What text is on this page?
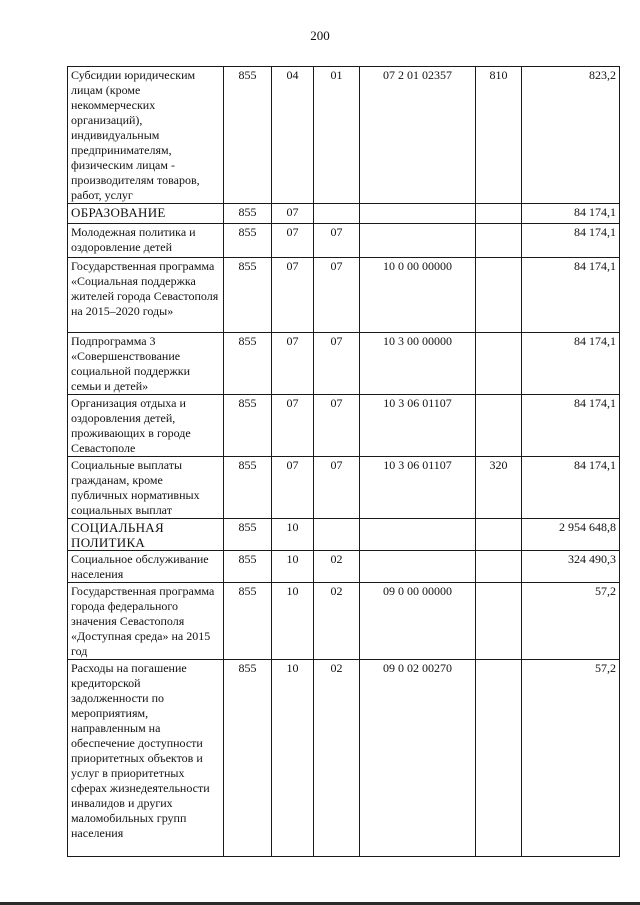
200
Субсидии юридическим лицам (кроме некоммерческих организаций), индивидуальным предпринимателям, физическим лицам - производителям товаров, работ, услуг	855	04	01	07 2 01 02357	810	823,2
ОБРАЗОВАНИЕ	855	07				84 174,1
Молодежная политика и оздоровление детей	855	07	07			84 174,1
Государственная программа «Социальная поддержка жителей города Севастополя на 2015–2020 годы»	855	07	07	10 0 00 00000		84 174,1
Подпрограмма 3 «Совершенствование социальной поддержки семьи и детей»	855	07	07	10 3 00 00000		84 174,1
Организация отдыха и оздоровления детей, проживающих в городе Севастополе	855	07	07	10 3 06 01107		84 174,1
Социальные выплаты гражданам, кроме публичных нормативных социальных выплат	855	07	07	10 3 06 01107	320	84 174,1
СОЦИАЛЬНАЯ ПОЛИТИКА	855	10				2 954 648,8
Социальное обслуживание населения	855	10	02			324 490,3
Государственная программа города федерального значения Севастополя «Доступная среда» на 2015 год	855	10	02	09 0 00 00000		57,2
Расходы на погашение кредиторской задолженности по мероприятиям, направленным на обеспечение доступности приоритетных объектов и услуг в приоритетных сферах жизнедеятельности инвалидов и других маломобильных групп населения	855	10	02	09 0 02 00270		57,2
